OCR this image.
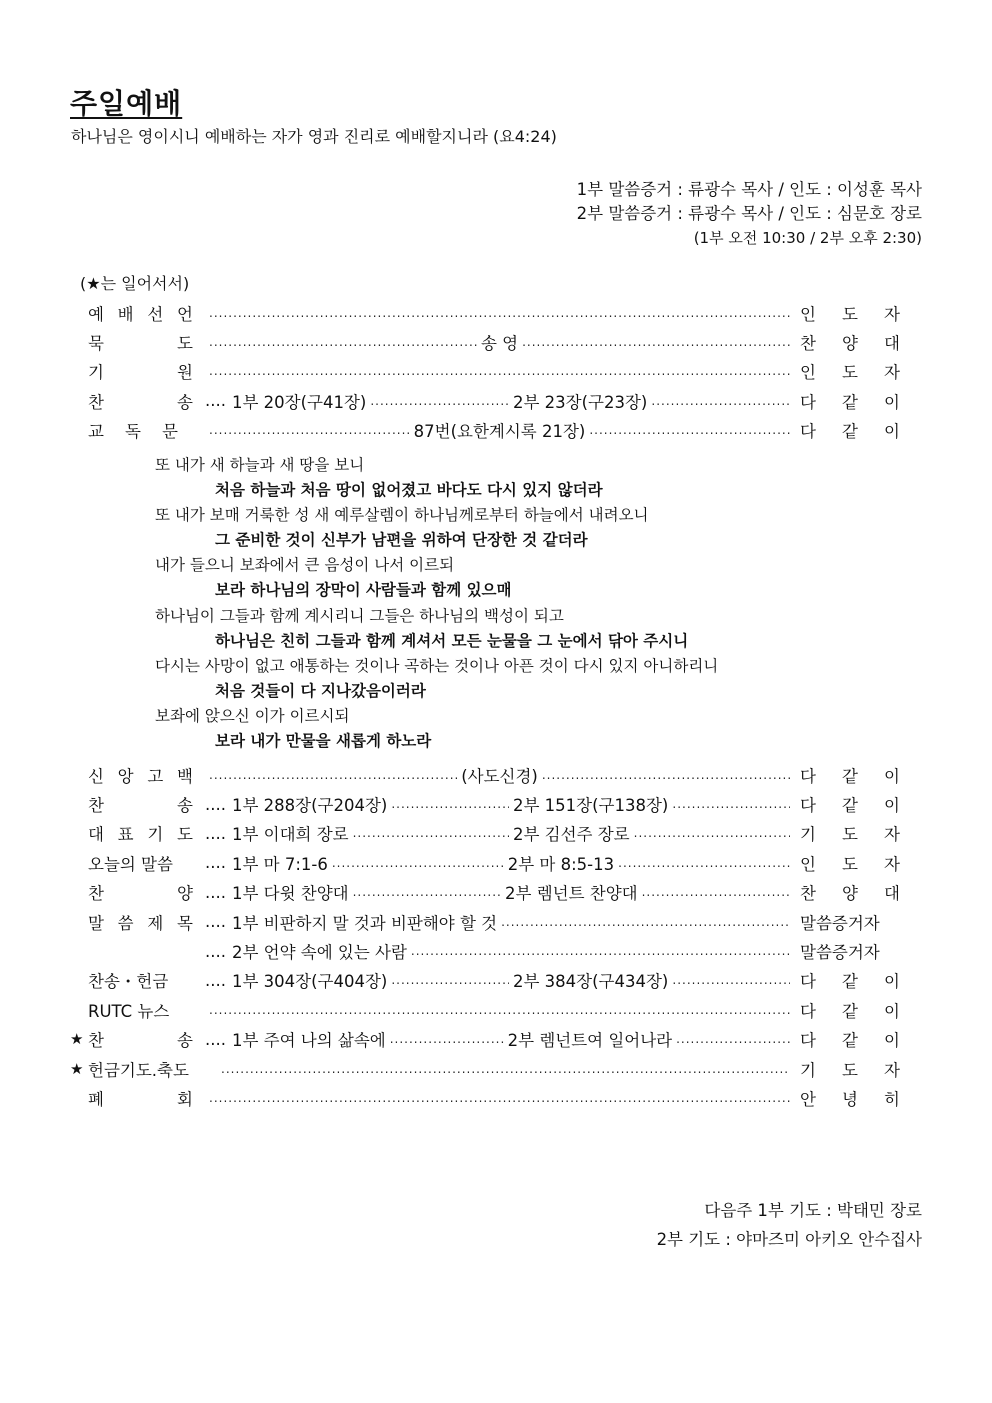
주일예배
하나님은 영이시니 예배하는 자가 영과 진리로 예배할지니라 (요4:24)
1부 말씀증거 : 류광수 목사 / 인도 : 이성훈 목사
2부 말씀증거 : 류광수 목사 / 인도 : 심문호 장로
(1부 오전 10:30 / 2부 오후 2:30)
(★는 일어서서)
예 배 선 언 .....	인 도 자
묵	도 .....	송 영 .....	찬 양 대
기	원 .....	인 도 자
찬	송 .... 1부 20장(구41장) .....	2부 23장(구23장) .....	다 같 이
교 독 문 .....	87번(요한계시록 21장) .....	다 같 이
또 내가 새 하늘과 새 땅을 보니
처음 하늘과 처음 땅이 없어졌고 바다도 다시 있지 않더라
또 내가 보매 거룩한 성 새 예루살렘이 하나님께로부터 하늘에서 내려오니
그 준비한 것이 신부가 남편을 위하여 단장한 것 같더라
내가 들으니 보좌에서 큰 음성이 나서 이르되
보라 하나님의 장막이 사람들과 함께 있으매
하나님이 그들과 함께 계시리니 그들은 하나님의 백성이 되고
하나님은 친히 그들과 함께 계셔서 모든 눈물을 그 눈에서 닦아 주시니
다시는 사망이 없고 애통하는 것이나 곡하는 것이나 아픈 것이 다시 있지 아니하리니
처음 것들이 다 지나갔음이러라
보좌에 앉으신 이가 이르시되
보라 내가 만물을 새롭게 하노라
신 앙 고 백 .....	(사도신경) .....	다 같 이
찬	송 .... 1부 288장(구204장) .....	2부 151장(구138장) .....	다 같 이
대 표 기 도 .... 1부 이대희 장로 .....	2부 김선주 장로 .....	기 도 자
오늘의 말씀	.... 1부 마 7:1-6 .....	2부 마 8:5-13 .....	인 도 자
찬	양 .... 1부 다윗 찬양대 .....	2부 렘넌트 찬양대 .....	찬 양 대
말 씀 제 목 .... 1부 비판하지 말 것과 비판해야 할 것 .....	말씀증거자
.... 2부 언약 속에 있는 사람 .....	말씀증거자
찬송・헌금	.... 1부 304장(구404장) .....	2부 384장(구434장) .....	다 같 이
RUTC 뉴스 .....	다 같 이
★ 찬	송 .... 1부 주여 나의 삶속에 .....	2부 렘넌트여 일어나라 .....	다 같 이
★ 헌금기도.축도 .....	기 도 자
폐	회 .....	안 녕 히
다음주 1부 기도 : 박태민 장로
2부 기도 : 야마즈미 아키오 안수집사
